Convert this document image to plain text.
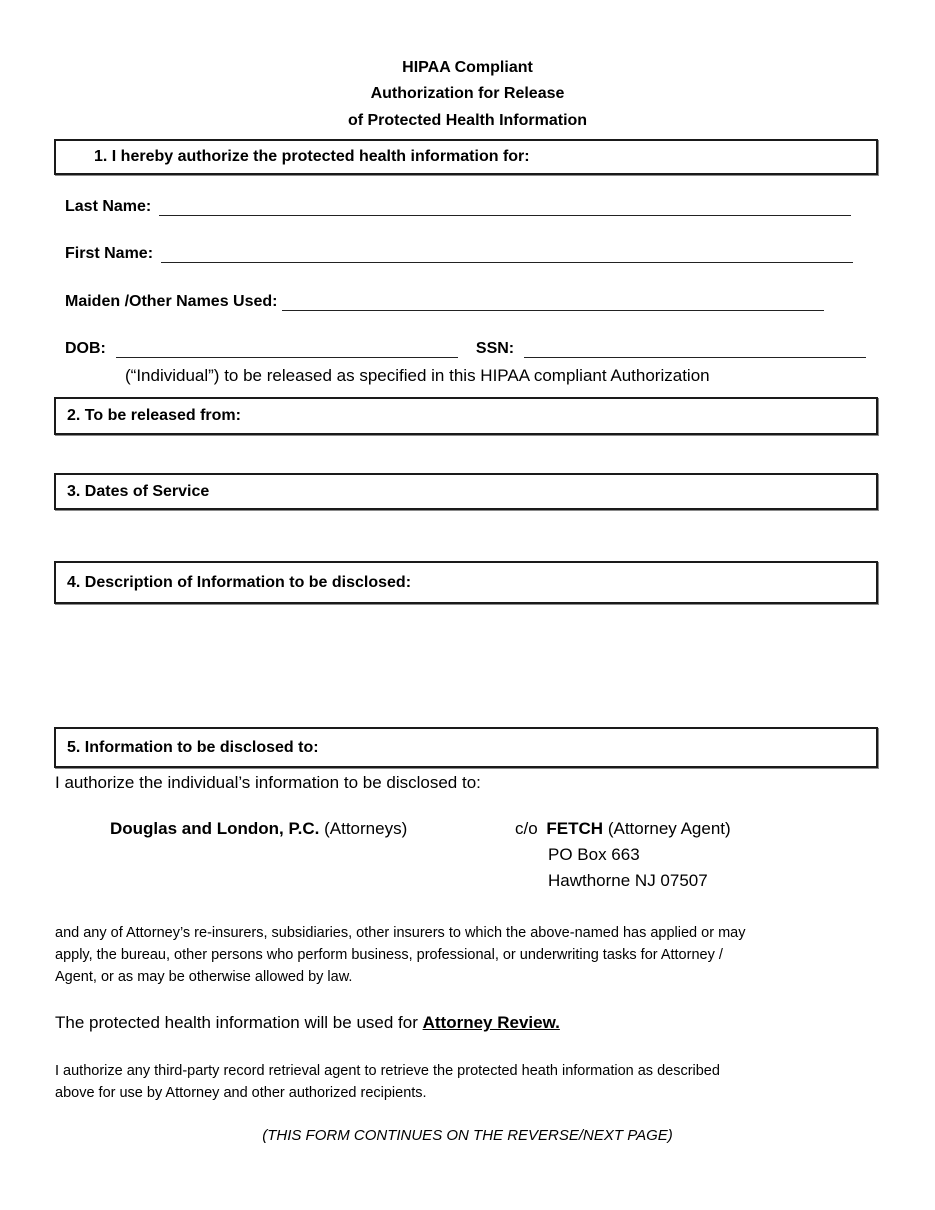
HIPAA Compliant
Authorization for Release
of Protected Health Information
1. I hereby authorize the protected health information for:
Last Name:
First Name:
Maiden /Other Names Used:
DOB:	SSN:
(“Individual”) to be released as specified in this HIPAA compliant Authorization
2. To be released from:
3. Dates of Service
4. Description of Information to be disclosed:
5. Information to be disclosed to:
I authorize the individual’s information to be disclosed to:
Douglas and London, P.C. (Attorneys)	c/o FETCH (Attorney Agent)
PO Box 663
Hawthorne NJ 07507
and any of Attorney’s re-insurers, subsidiaries, other insurers to which the above-named has applied or may
apply, the bureau, other persons who perform business, professional, or underwriting tasks for Attorney /
Agent, or as may be otherwise allowed by law.
The protected health information will be used for Attorney Review.
I authorize any third-party record retrieval agent to retrieve the protected heath information as described
above for use by Attorney and other authorized recipients.
(THIS FORM CONTINUES ON THE REVERSE/NEXT PAGE)
